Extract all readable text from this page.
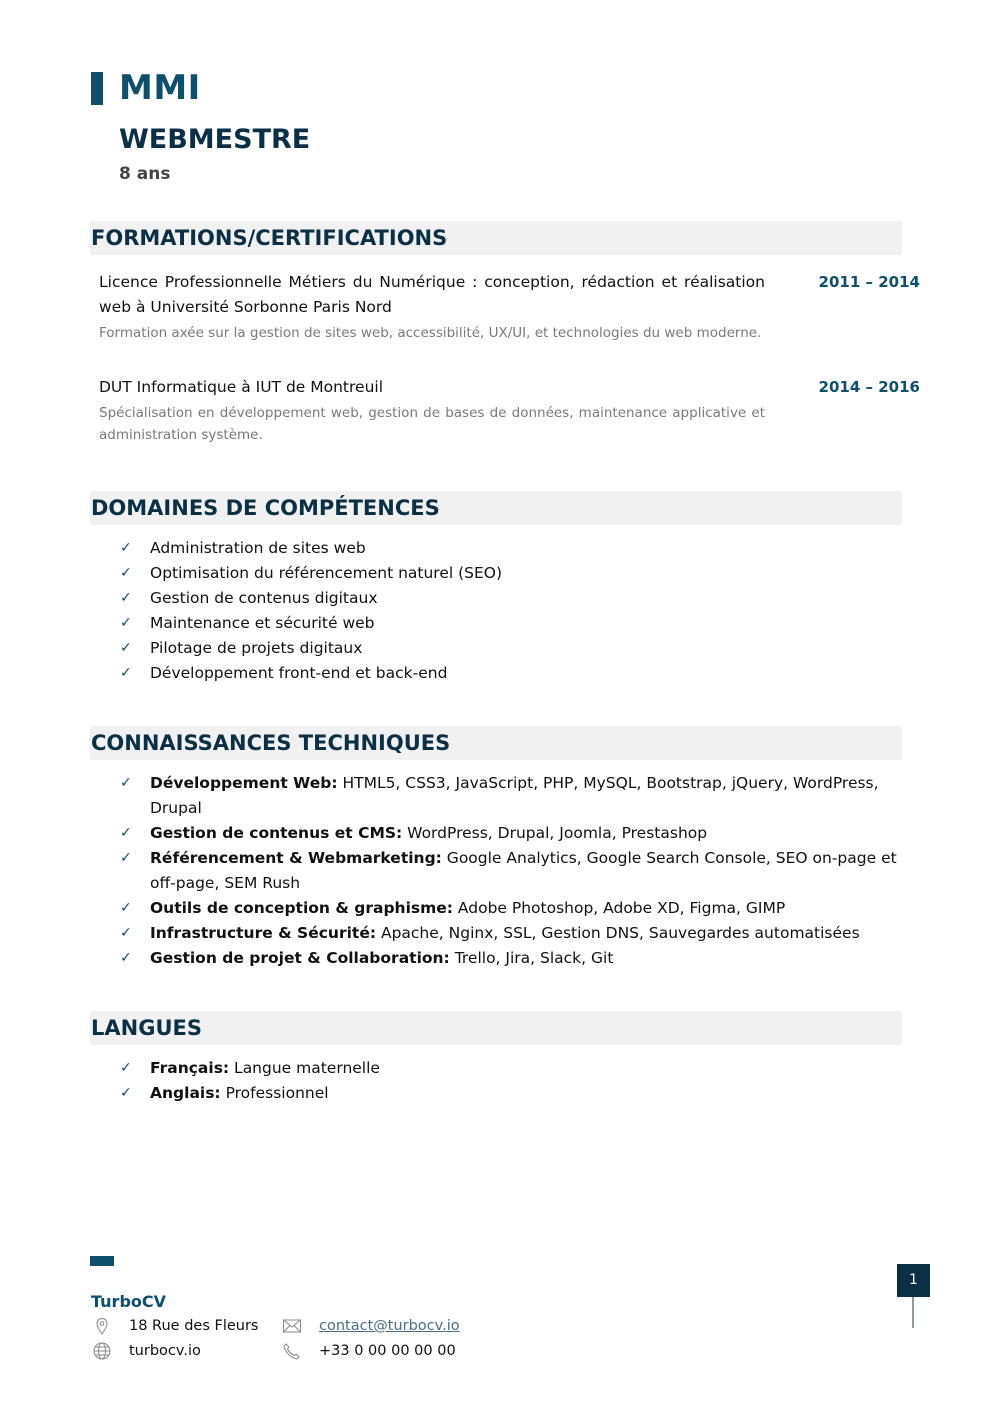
MMI
WEBMESTRE
8 ans
FORMATIONS/CERTIFICATIONS
Licence Professionnelle Métiers du Numérique : conception, rédaction et réalisation web à Université Sorbonne Paris Nord
Formation axée sur la gestion de sites web, accessibilité, UX/UI, et technologies du web moderne.
2011 – 2014
DUT Informatique à IUT de Montreuil
Spécialisation en développement web, gestion de bases de données, maintenance applicative et administration système.
2014 – 2016
DOMAINES DE COMPÉTENCES
✓ Administration de sites web
✓ Optimisation du référencement naturel (SEO)
✓ Gestion de contenus digitaux
✓ Maintenance et sécurité web
✓ Pilotage de projets digitaux
✓ Développement front-end et back-end
CONNAISSANCES TECHNIQUES
✓ Développement Web: HTML5, CSS3, JavaScript, PHP, MySQL, Bootstrap, jQuery, WordPress, Drupal
✓ Gestion de contenus et CMS: WordPress, Drupal, Joomla, Prestashop
✓ Référencement & Webmarketing: Google Analytics, Google Search Console, SEO on-page et off-page, SEM Rush
✓ Outils de conception & graphisme: Adobe Photoshop, Adobe XD, Figma, GIMP
✓ Infrastructure & Sécurité: Apache, Nginx, SSL, Gestion DNS, Sauvegardes automatisées
✓ Gestion de projet & Collaboration: Trello, Jira, Slack, Git
LANGUES
✓ Français: Langue maternelle
✓ Anglais: Professionnel
TurboCV
18 Rue des Fleurs
turbocv.io
contact@turbocv.io
+33 0 00 00 00 00
1
